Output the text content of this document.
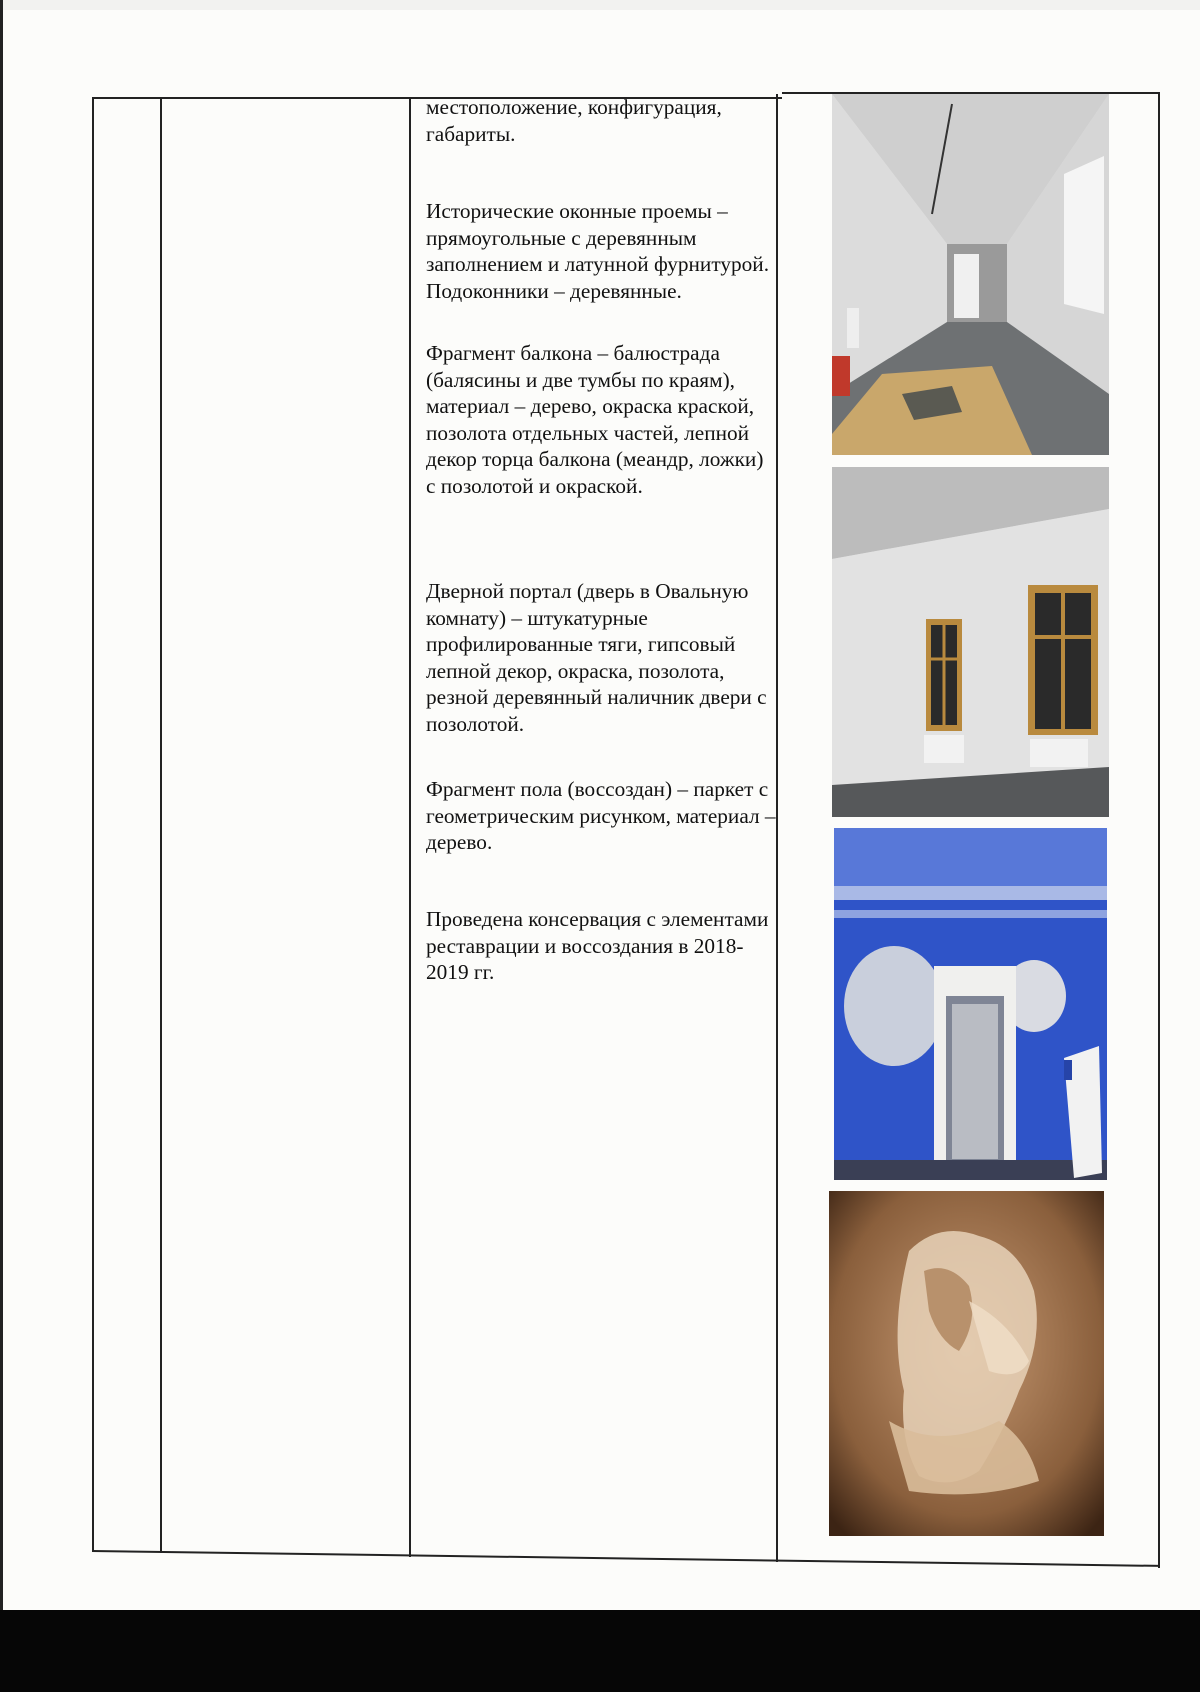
местоположение, конфигурация, габариты.

Исторические оконные проемы – прямоугольные с деревянным заполнением и латунной фурнитурой. Подоконники – деревянные.

Фрагмент балкона – балюстрада (балясины и две тумбы по краям), материал – дерево, окраска краской, позолота отдельных частей, лепной декор торца балкона (меандр, ложки) с позолотой и окраской.

Дверной портал (дверь в Овальную комнату) – штукатурные профилированные тяги, гипсовый лепной декор, окраска, позолота, резной деревянный наличник двери с позолотой.

Фрагмент пола (воссоздан) – паркет с геометрическим рисунком, материал – дерево.

Проведена консервация с элементами реставрации и воссоздания в 2018-2019 гг.
